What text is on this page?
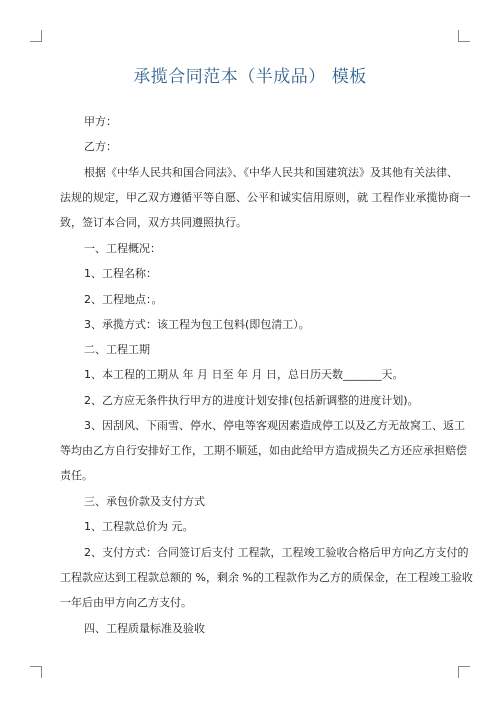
承揽合同范本（半成品） 模板
甲方：
乙方：
根据《中华人民共和国合同法》、《中华人民共和国建筑法》及其他有关法律、
法规的规定，甲乙双方遵循平等自愿、公平和诚实信用原则，就 工程作业承揽协商一
致，签订本合同，双方共同遵照执行。
一、工程概况：
1、工程名称：
2、工程地点：。
3、承揽方式：该工程为包工包料(即包清工）。
二、工程工期
1、本工程的工期从 年 月 日至 年 月 日，总日历天数_______天。
2、乙方应无条件执行甲方的进度计划安排(包括新调整的进度计划)。
3、因刮风、下雨雪、停水、停电等客观因素造成停工以及乙方无故窝工、返工
等均由乙方自行安排好工作，工期不顺延，如由此给甲方造成损失乙方还应承担赔偿
责任。
三、承包价款及支付方式
1、工程款总价为 元。
2、支付方式：合同签订后支付 工程款，工程竣工验收合格后甲方向乙方支付的
工程款应达到工程款总额的 %，剩余 %的工程款作为乙方的质保金，在工程竣工验收
一年后由甲方向乙方支付。
四、工程质量标准及验收
